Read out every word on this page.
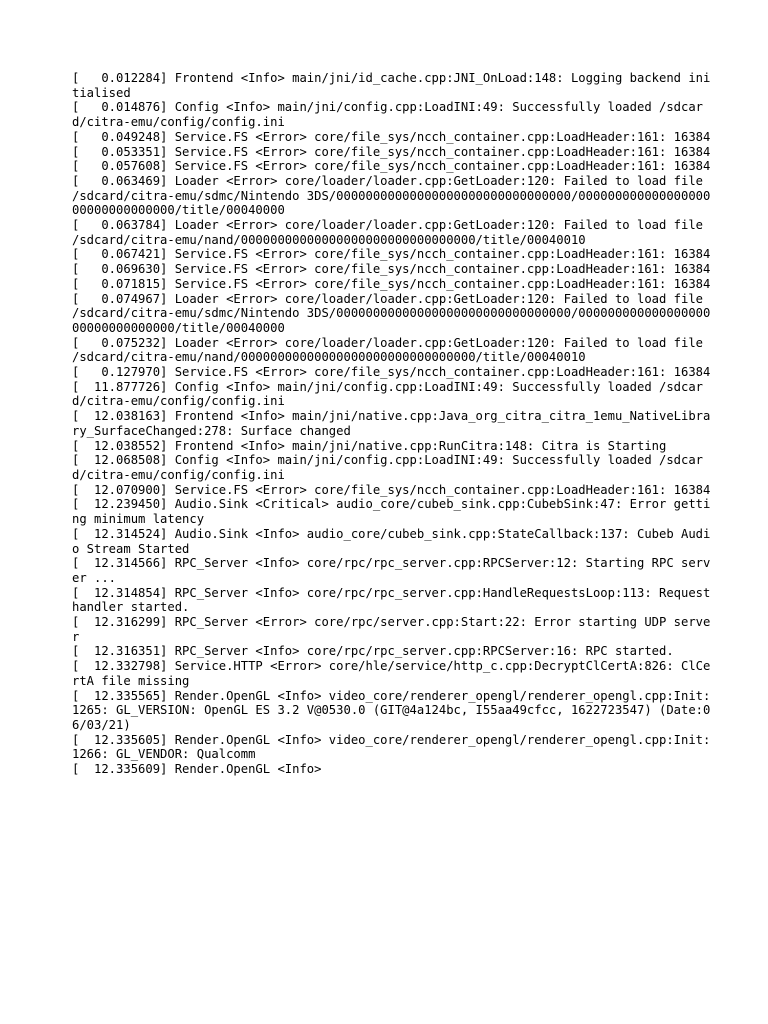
[   0.012284] Frontend <Info> main/jni/id_cache.cpp:JNI_OnLoad:148: Logging backend initialised
[   0.014876] Config <Info> main/jni/config.cpp:LoadINI:49: Successfully loaded /sdcard/citra-emu/config/config.ini
[   0.049248] Service.FS <Error> core/file_sys/ncch_container.cpp:LoadHeader:161: 16384
[   0.053351] Service.FS <Error> core/file_sys/ncch_container.cpp:LoadHeader:161: 16384
[   0.057608] Service.FS <Error> core/file_sys/ncch_container.cpp:LoadHeader:161: 16384
[   0.063469] Loader <Error> core/loader/loader.cpp:GetLoader:120: Failed to load file /sdcard/citra-emu/sdmc/Nintendo 3DS/00000000000000000000000000000000/00000000000000000000000000000000/title/00040000
[   0.063784] Loader <Error> core/loader/loader.cpp:GetLoader:120: Failed to load file /sdcard/citra-emu/nand/00000000000000000000000000000000/title/00040010
[   0.067421] Service.FS <Error> core/file_sys/ncch_container.cpp:LoadHeader:161: 16384
[   0.069630] Service.FS <Error> core/file_sys/ncch_container.cpp:LoadHeader:161: 16384
[   0.071815] Service.FS <Error> core/file_sys/ncch_container.cpp:LoadHeader:161: 16384
[   0.074967] Loader <Error> core/loader/loader.cpp:GetLoader:120: Failed to load file /sdcard/citra-emu/sdmc/Nintendo 3DS/00000000000000000000000000000000/00000000000000000000000000000000/title/00040000
[   0.075232] Loader <Error> core/loader/loader.cpp:GetLoader:120: Failed to load file /sdcard/citra-emu/nand/00000000000000000000000000000000/title/00040010
[   0.127970] Service.FS <Error> core/file_sys/ncch_container.cpp:LoadHeader:161: 16384
[  11.877726] Config <Info> main/jni/config.cpp:LoadINI:49: Successfully loaded /sdcard/citra-emu/config/config.ini
[  12.038163] Frontend <Info> main/jni/native.cpp:Java_org_citra_citra_1emu_NativeLibrary_SurfaceChanged:278: Surface changed
[  12.038552] Frontend <Info> main/jni/native.cpp:RunCitra:148: Citra is Starting
[  12.068508] Config <Info> main/jni/config.cpp:LoadINI:49: Successfully loaded /sdcard/citra-emu/config/config.ini
[  12.070900] Service.FS <Error> core/file_sys/ncch_container.cpp:LoadHeader:161: 16384
[  12.239450] Audio.Sink <Critical> audio_core/cubeb_sink.cpp:CubebSink:47: Error getting minimum latency
[  12.314524] Audio.Sink <Info> audio_core/cubeb_sink.cpp:StateCallback:137: Cubeb Audio Stream Started
[  12.314566] RPC_Server <Info> core/rpc/rpc_server.cpp:RPCServer:12: Starting RPC server ...
[  12.314854] RPC_Server <Info> core/rpc/rpc_server.cpp:HandleRequestsLoop:113: Request handler started.
[  12.316299] RPC_Server <Error> core/rpc/server.cpp:Start:22: Error starting UDP server
[  12.316351] RPC_Server <Info> core/rpc/rpc_server.cpp:RPCServer:16: RPC started.
[  12.332798] Service.HTTP <Error> core/hle/service/http_c.cpp:DecryptClCertA:826: ClCertA file missing
[  12.335565] Render.OpenGL <Info> video_core/renderer_opengl/renderer_opengl.cpp:Init:1265: GL_VERSION: OpenGL ES 3.2 V@0530.0 (GIT@4a124bc, I55aa49cfcc, 1622723547) (Date:06/03/21)
[  12.335605] Render.OpenGL <Info> video_core/renderer_opengl/renderer_opengl.cpp:Init:1266: GL_VENDOR: Qualcomm
[  12.335609] Render.OpenGL <Info>
